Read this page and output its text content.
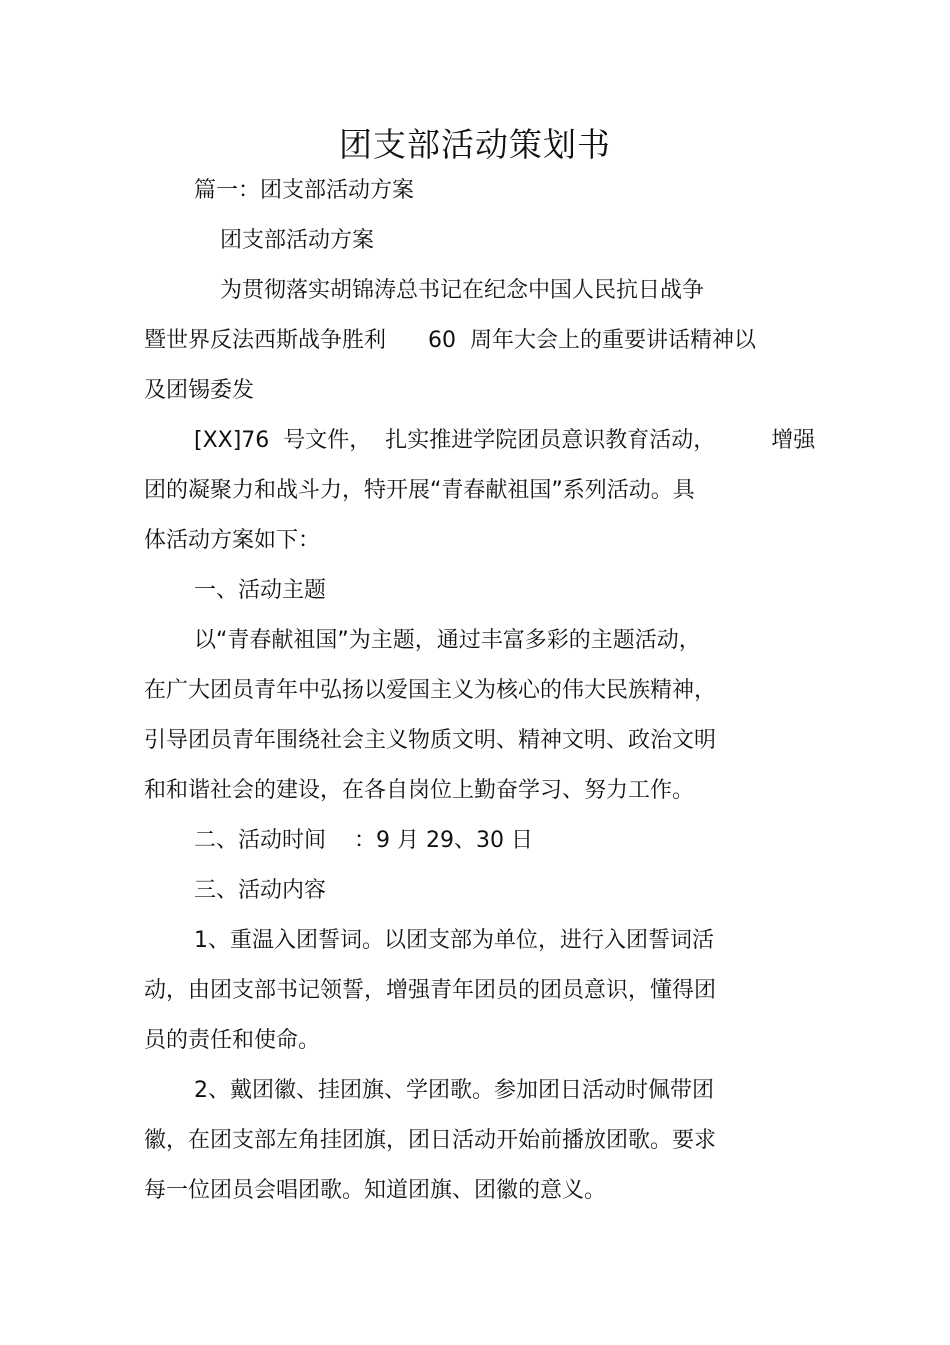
团支部活动策划书

篇一：团支部活动方案

团支部活动方案

为贯彻落实胡锦涛总书记在纪念中国人民抗日战争

暨世界反法西斯战争胜利      60  周年大会上的重要讲话精神以

及团锡委发

[XX]76  号文件，  扎实推进学院团员意识教育活动，        增强

团的凝聚力和战斗力，特开展“青春献祖国”系列活动。具

体活动方案如下：

一、活动主题

以“青春献祖国”为主题，通过丰富多彩的主题活动，

在广大团员青年中弘扬以爱国主义为核心的伟大民族精神，

引导团员青年围绕社会主义物质文明、精神文明、政治文明

和和谐社会的建设，在各自岗位上勤奋学习、努力工作。

二、活动时间    ：9 月 29、30 日

三、活动内容

1、重温入团誓词。以团支部为单位，进行入团誓词活

动，由团支部书记领誓，增强青年团员的团员意识，懂得团

员的责任和使命。

2、戴团徽、挂团旗、学团歌。参加团日活动时佩带团

徽，在团支部左角挂团旗，团日活动开始前播放团歌。要求

每一位团员会唱团歌。知道团旗、团徽的意义。
